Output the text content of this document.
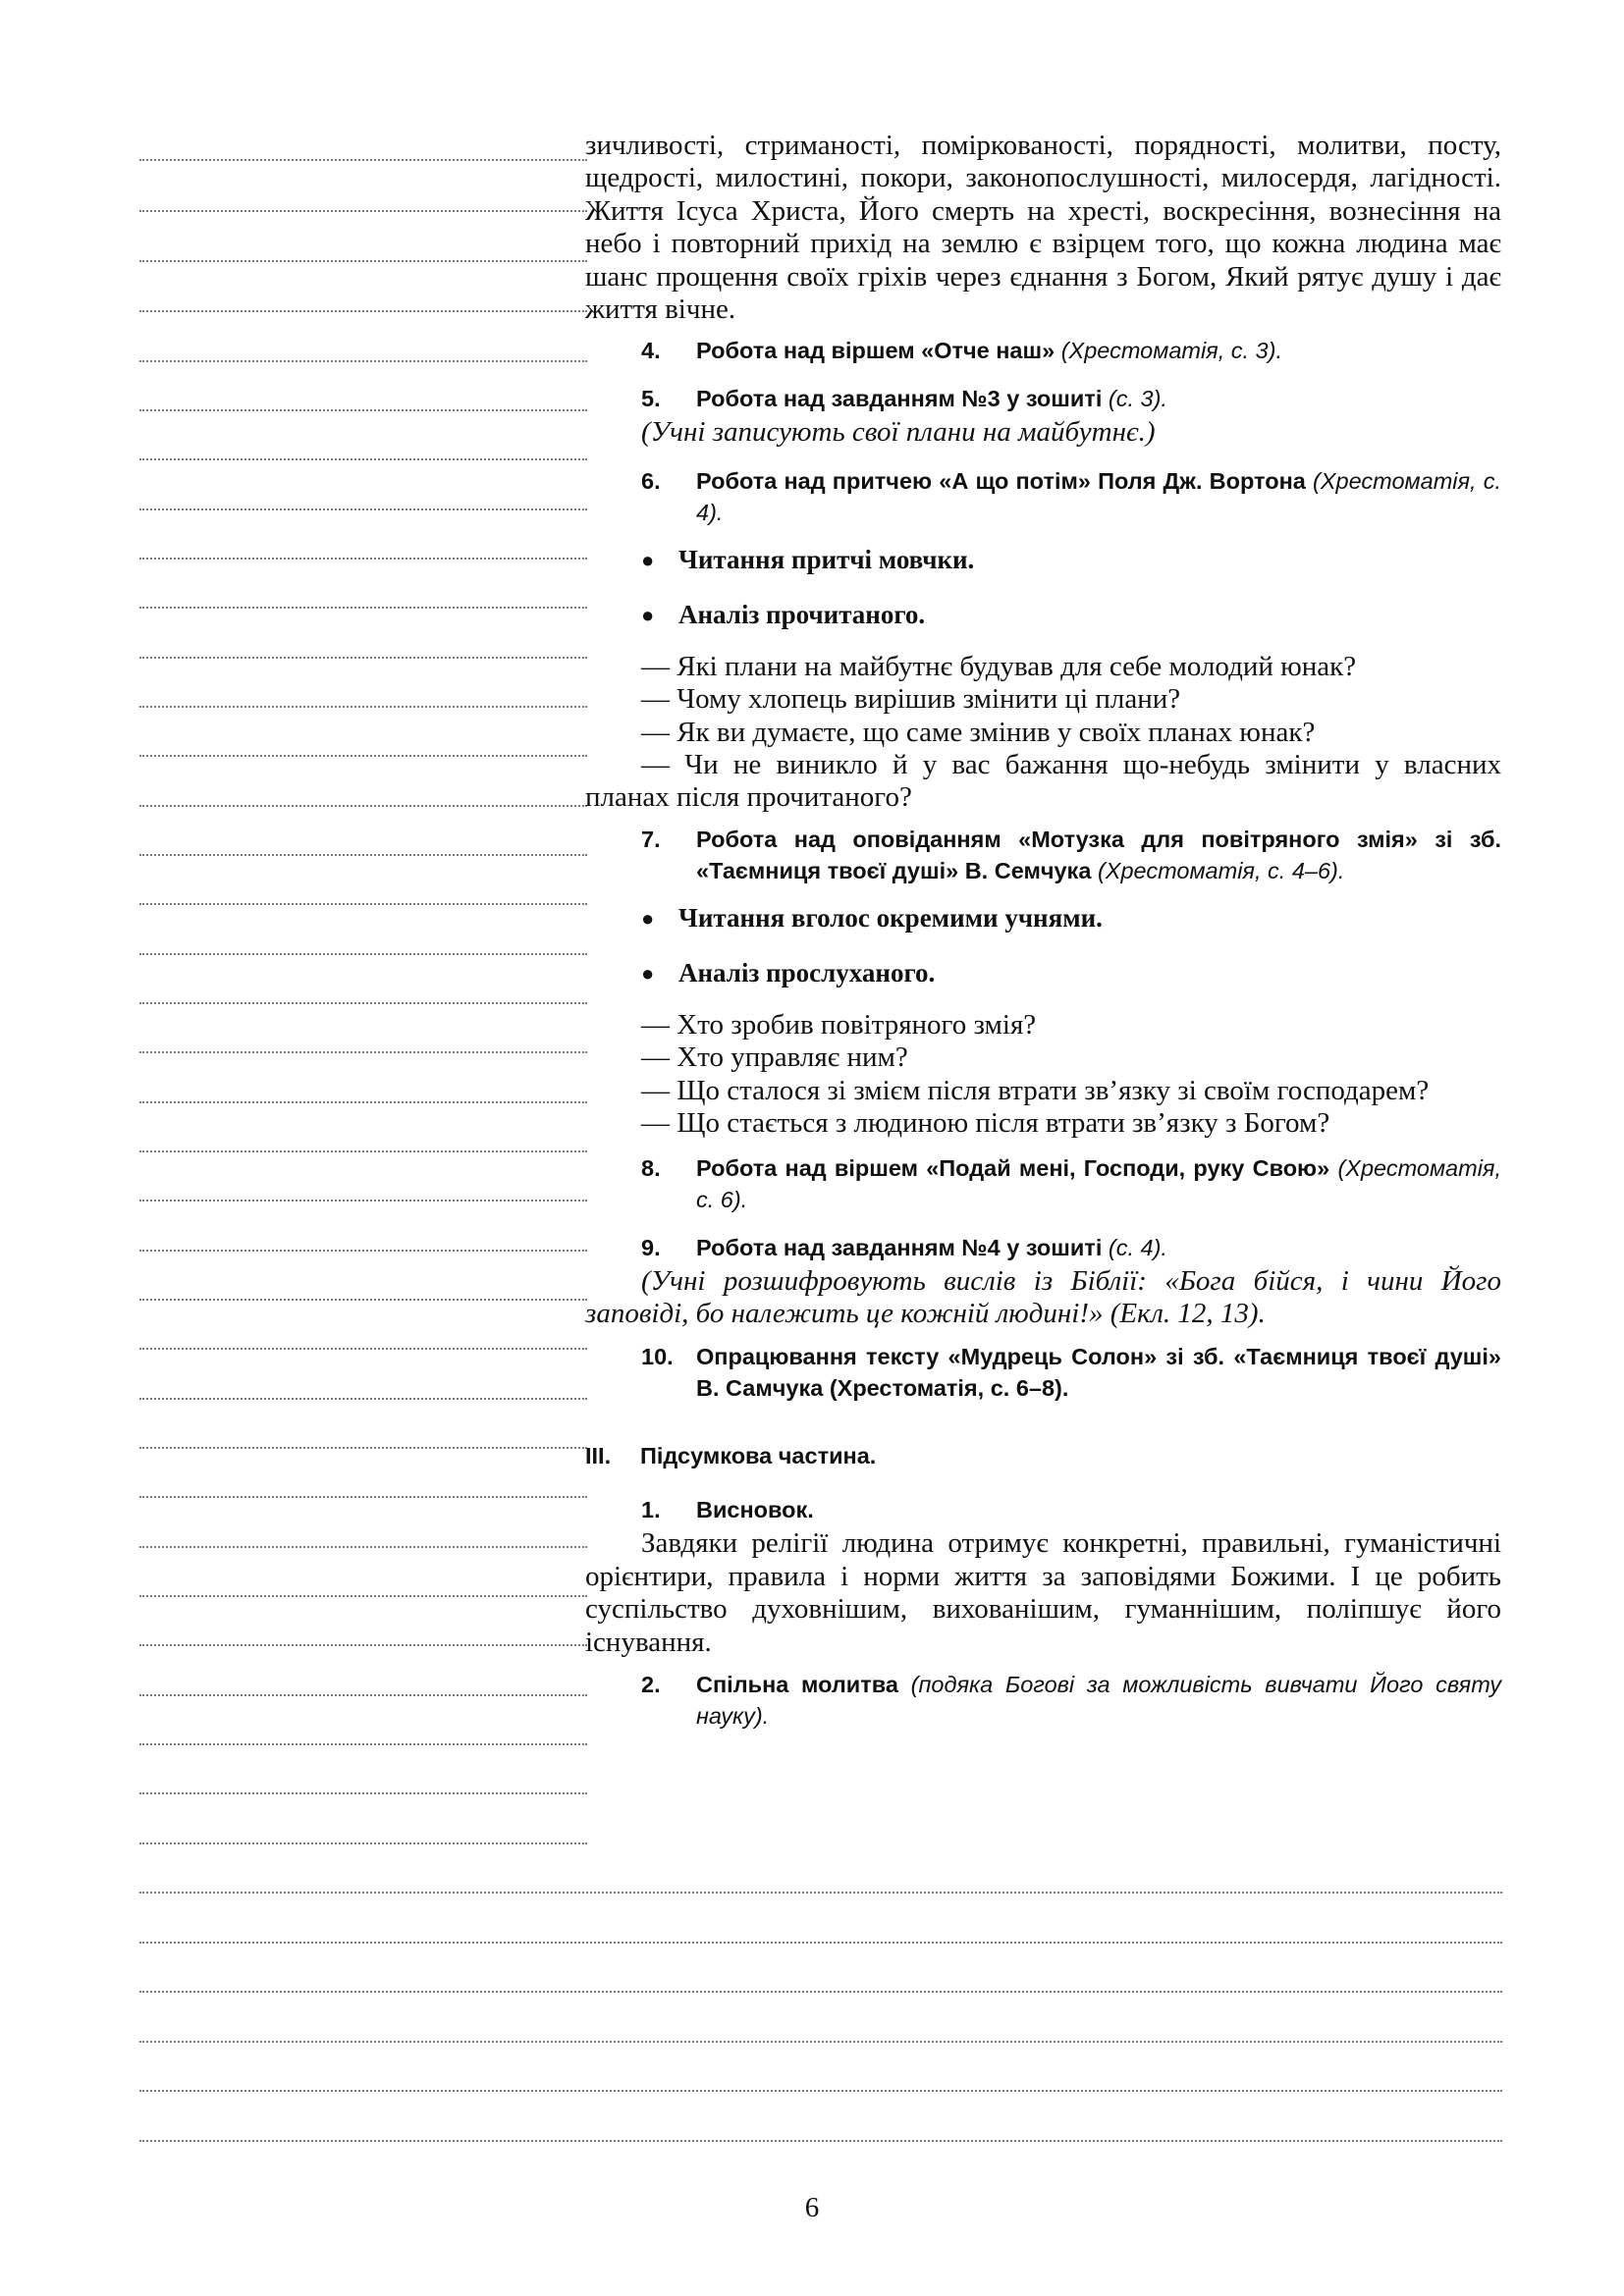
зичливості, стриманості, поміркованості, порядності, молитви, посту, щедрості, милостині, покори, законопослушності, милосердя, лагідності. Життя Ісуса Христа, Його смерть на хресті, воскресіння, вознесіння на небо і повторний прихід на землю є взірцем того, що кожна людина має шанс прощення своїх гріхів через єднання з Богом, Який рятує душу і дає життя вічне.

4.	Робота над віршем «Отче наш» (Хрестоматія, с. 3).
5.	Робота над завданням №3 у зошиті (с. 3).

(Учні записують свої плани на майбутнє.)

6.	Робота над притчею «А що потім» Поля Дж. Вортона (Хрестоматія, с. 4).
● Читання притчі мовчки.
● Аналіз прочитаного.

— Які плани на майбутнє будував для себе молодий юнак?

— Чому хлопець вирішив змінити ці плани?

— Як ви думаєте, що саме змінив у своїх планах юнак?

— Чи не виникло й у вас бажання що-небудь змінити у власних планах після прочитаного?

7.	Робота над оповіданням «Мотузка для повітряного змія» зі зб. «Таємниця твоєї душі» В. Семчука (Хрестоматія, с. 4–6).
● Читання вголос окремими учнями.
● Аналіз прослуханого.

— Хто зробив повітряного змія?

— Хто управляє ним?

— Що сталося зі змієм після втрати зв’язку зі своїм господарем?

— Що стається з людиною після втрати зв’язку з Богом?

8.	Робота над віршем «Подай мені, Господи, руку Свою» (Хрестоматія, с. 6).
9.	Робота над завданням №4 у зошиті (с. 4).

(Учні розшифровують вислів із Біблії: «Бога бійся, і чини Його заповіді, бо належить це кожній людині!» (Екл. 12, 13).

10. Опрацювання тексту «Мудрець Солон» зі зб. «Таємниця твоєї душі» В. Самчука (Хрестоматія, с. 6–8).
III.	Підсумкова частина.
1.	Висновок.

Завдяки релігії людина отримує конкретні, правильні, гуманістичні орієнтири, правила і норми життя за заповідями Божими. І це робить суспільство духовнішим, вихованішим, гуманнішим, поліпшує його існування.

2.	Спільна молитва (подяка Богові за можливість вивчати Його святу науку).
6
